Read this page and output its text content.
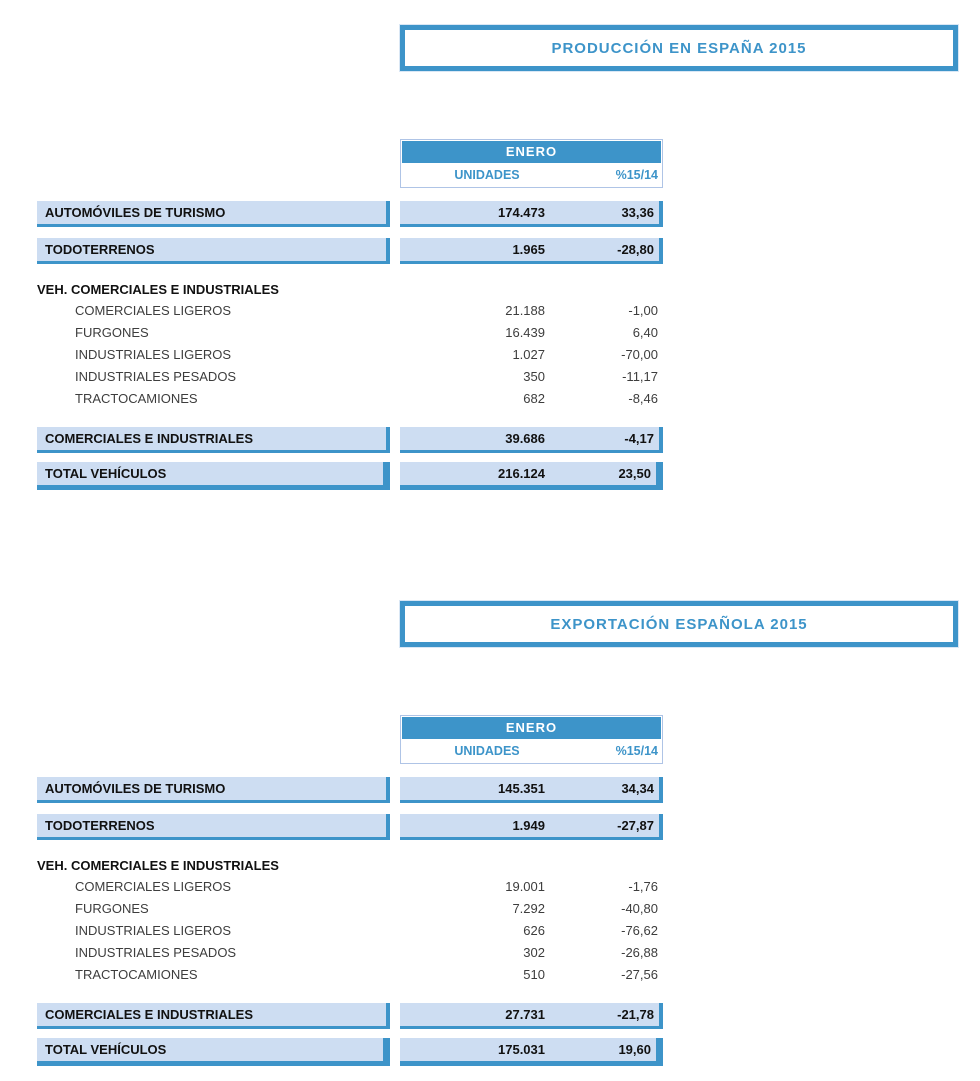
PRODUCCIÓN EN ESPAÑA 2015
ENERO
UNIDADES	%15/14
AUTOMÓVILES DE TURISMO	174.473	33,36
TODOTERRENOS	1.965	-28,80
VEH. COMERCIALES E INDUSTRIALES
COMERCIALES LIGEROS	21.188	-1,00
FURGONES	16.439	6,40
INDUSTRIALES LIGEROS	1.027	-70,00
INDUSTRIALES PESADOS	350	-11,17
TRACTOCAMIONES	682	-8,46
COMERCIALES E INDUSTRIALES	39.686	-4,17
TOTAL VEHÍCULOS	216.124	23,50
EXPORTACIÓN ESPAÑOLA 2015
ENERO
UNIDADES	%15/14
AUTOMÓVILES DE TURISMO	145.351	34,34
TODOTERRENOS	1.949	-27,87
VEH. COMERCIALES E INDUSTRIALES
COMERCIALES LIGEROS	19.001	-1,76
FURGONES	7.292	-40,80
INDUSTRIALES LIGEROS	626	-76,62
INDUSTRIALES PESADOS	302	-26,88
TRACTOCAMIONES	510	-27,56
COMERCIALES E INDUSTRIALES	27.731	-21,78
TOTAL VEHÍCULOS	175.031	19,60
